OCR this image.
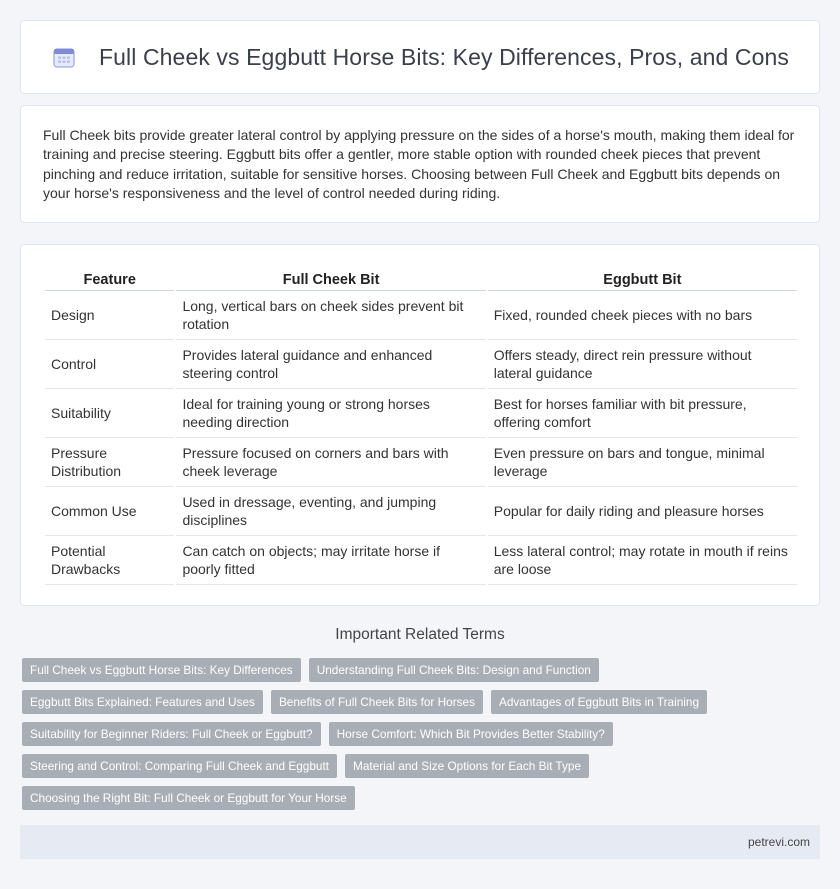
Full Cheek vs Eggbutt Horse Bits: Key Differences, Pros, and Cons

Full Cheek bits provide greater lateral control by applying pressure on the sides of a horse's mouth, making them ideal for training and precise steering. Eggbutt bits offer a gentler, more stable option with rounded cheek pieces that prevent pinching and reduce irritation, suitable for sensitive horses. Choosing between Full Cheek and Eggbutt bits depends on your horse's responsiveness and the level of control needed during riding.

Feature	Full Cheek Bit	Eggbutt Bit
Design	Long, vertical bars on cheek sides prevent bit rotation	Fixed, rounded cheek pieces with no bars
Control	Provides lateral guidance and enhanced steering control	Offers steady, direct rein pressure without lateral guidance
Suitability	Ideal for training young or strong horses needing direction	Best for horses familiar with bit pressure, offering comfort
Pressure Distribution	Pressure focused on corners and bars with cheek leverage	Even pressure on bars and tongue, minimal leverage
Common Use	Used in dressage, eventing, and jumping disciplines	Popular for daily riding and pleasure horses
Potential Drawbacks	Can catch on objects; may irritate horse if poorly fitted	Less lateral control; may rotate in mouth if reins are loose
Important Related Terms
Full Cheek vs Eggbutt Horse Bits: Key Differences	Understanding Full Cheek Bits: Design and Function
Eggbutt Bits Explained: Features and Uses	Benefits of Full Cheek Bits for Horses	Advantages of Eggbutt Bits in Training
Suitability for Beginner Riders: Full Cheek or Eggbutt?	Horse Comfort: Which Bit Provides Better Stability?
Steering and Control: Comparing Full Cheek and Eggbutt	Material and Size Options for Each Bit Type
Choosing the Right Bit: Full Cheek or Eggbutt for Your Horse
petrevi.com
